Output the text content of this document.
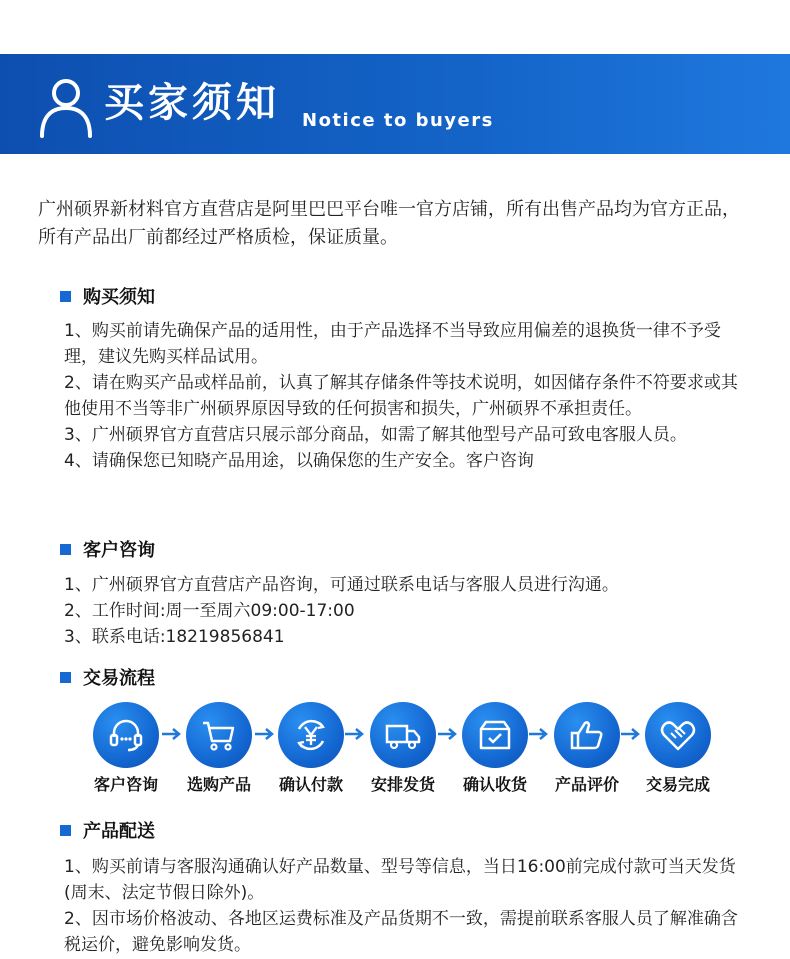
买家须知 Notice to buyers
广州硕界新材料官方直营店是阿里巴巴平台唯一官方店铺，所有出售产品均为官方正品，所有产品出厂前都经过严格质检，保证质量。
购买须知

1、购买前请先确保产品的适用性，由于产品选择不当导致应用偏差的退换货一律不予受理，建议先购买样品试用。

2、请在购买产品或样品前，认真了解其存储条件等技术说明，如因储存条件不符要求或其他使用不当等非广州硕界原因导致的任何损害和损失，广州硕界不承担责任。

3、广州硕界官方直营店只展示部分商品，如需了解其他型号产品可致电客服人员。

4、请确保您已知晓产品用途，以确保您的生产安全。客户咨询

客户咨询

1、广州硕界官方直营店产品咨询，可通过联系电话与客服人员进行沟通。

2、工作时间:周一至周六09:00-17:00

3、联系电话:18219856841

交易流程
客户咨询	选购产品	确认付款	安排发货	确认收货	产品评价	交易完成
产品配送

1、购买前请与客服沟通确认好产品数量、型号等信息，当日16:00前完成付款可当天发货(周末、法定节假日除外)。

2、因市场价格波动、各地区运费标准及产品货期不一致，需提前联系客服人员了解准确含税运价，避免影响发货。
